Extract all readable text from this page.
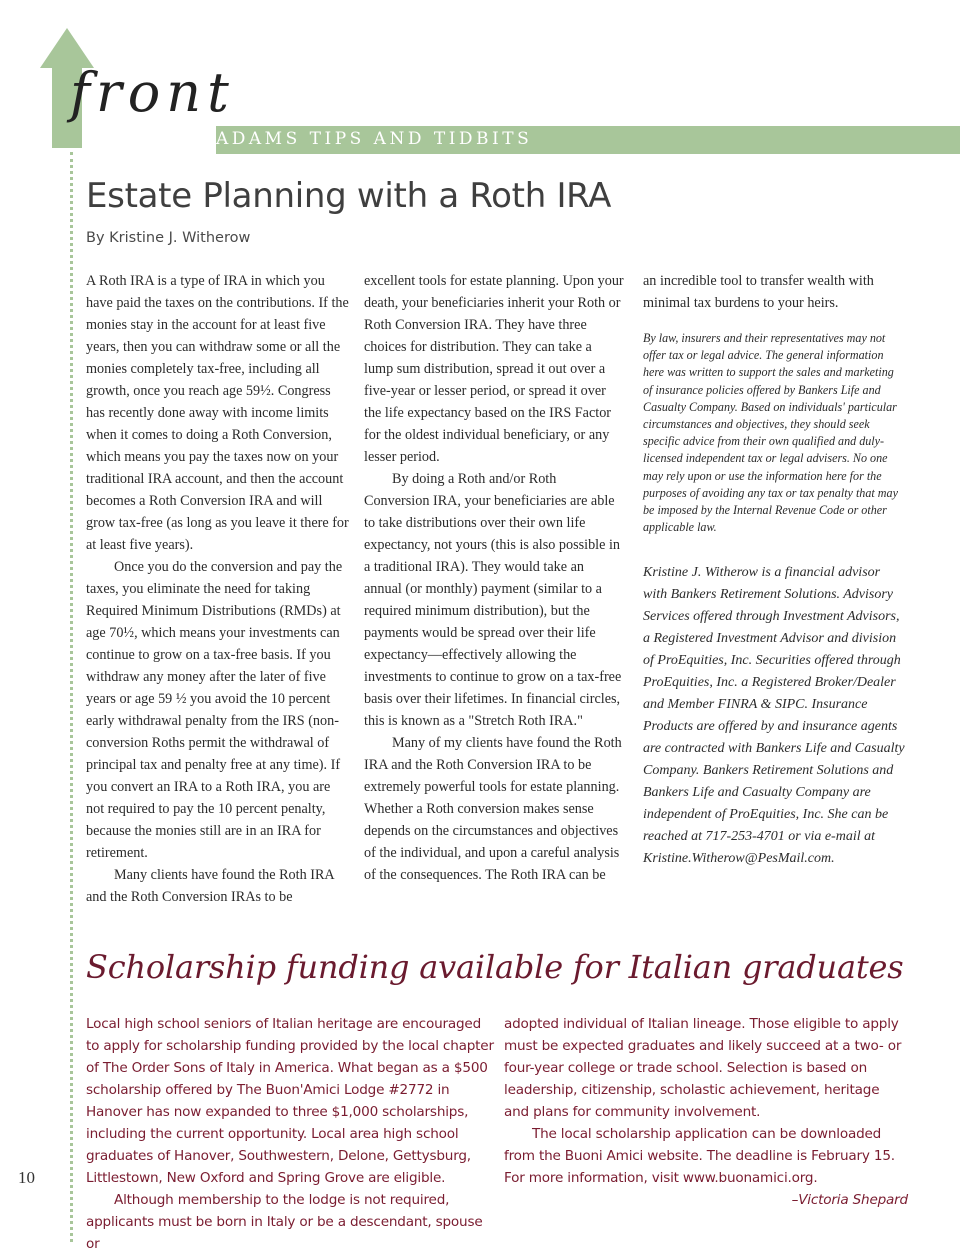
ADAMS TIPS AND TIDBITS
front
10
Estate Planning with a Roth IRA
By Kristine J. Witherow

A Roth IRA is a type of IRA in which you have paid the taxes on the contributions. If the monies stay in the account for at least five years, then you can withdraw some or all the monies completely tax-free, including all growth, once you reach age 59½. Congress has recently done away with income limits when it comes to doing a Roth Conversion, which means you pay the taxes now on your traditional IRA account, and then the account becomes a Roth Conversion IRA and will grow tax-free (as long as you leave it there for at least five years).

Once you do the conversion and pay the taxes, you eliminate the need for taking Required Minimum Distributions (RMDs) at age 70½, which means your investments can continue to grow on a tax-free basis. If you withdraw any money after the later of five years or age 59 ½ you avoid the 10 percent early withdrawal penalty from the IRS (non-conversion Roths permit the withdrawal of principal tax and penalty free at any time). If you convert an IRA to a Roth IRA, you are not required to pay the 10 percent penalty, because the monies still are in an IRA for retirement.

Many clients have found the Roth IRA and the Roth Conversion IRAs to be

excellent tools for estate planning. Upon your death, your beneficiaries inherit your Roth or Roth Conversion IRA. They have three choices for distribution. They can take a lump sum distribution, spread it out over a five-year or lesser period, or spread it over the life expectancy based on the IRS Factor for the oldest individual beneficiary, or any lesser period.

By doing a Roth and/or Roth Conversion IRA, your beneficiaries are able to take distributions over their own life expectancy, not yours (this is also possible in a traditional IRA). They would take an annual (or monthly) payment (similar to a required minimum distribution), but the payments would be spread over their life expectancy—effectively allowing the investments to continue to grow on a tax-free basis over their lifetimes. In financial circles, this is known as a "Stretch Roth IRA."

Many of my clients have found the Roth IRA and the Roth Conversion IRA to be extremely powerful tools for estate planning. Whether a Roth conversion makes sense depends on the circumstances and objectives of the individual, and upon a careful analysis of the consequences. The Roth IRA can be

an incredible tool to transfer wealth with minimal tax burdens to your heirs.

By law, insurers and their representatives may not offer tax or legal advice. The general information here was written to support the sales and marketing of insurance policies offered by Bankers Life and Casualty Company. Based on individuals' particular circumstances and objectives, they should seek specific advice from their own qualified and duly-licensed independent tax or legal advisers. No one may rely upon or use the information here for the purposes of avoiding any tax or tax penalty that may be imposed by the Internal Revenue Code or other applicable law.

Kristine J. Witherow is a financial advisor with Bankers Retirement Solutions. Advisory Services offered through Investment Advisors, a Registered Investment Advisor and division of ProEquities, Inc. Securities offered through ProEquities, Inc. a Registered Broker/Dealer and Member FINRA & SIPC. Insurance Products are offered by and insurance agents are contracted with Bankers Life and Casualty Company. Bankers Retirement Solutions and Bankers Life and Casualty Company are independent of ProEquities, Inc. She can be reached at 717-253-4701 or via e-mail at Kristine.Witherow@PesMail.com.

Scholarship funding available for Italian graduates

Local high school seniors of Italian heritage are encouraged to apply for scholarship funding provided by the local chapter of The Order Sons of Italy in America. What began as a $500 scholarship offered by The Buon'Amici Lodge #2772 in Hanover has now expanded to three $1,000 scholarships, including the current opportunity. Local area high school graduates of Hanover, Southwestern, Delone, Gettysburg, Littlestown, New Oxford and Spring Grove are eligible.

Although membership to the lodge is not required, applicants must be born in Italy or be a descendant, spouse or

adopted individual of Italian lineage. Those eligible to apply must be expected graduates and likely succeed at a two- or four-year college or trade school. Selection is based on leadership, citizenship, scholastic achievement, heritage and plans for community involvement.

The local scholarship application can be downloaded from the Buoni Amici website. The deadline is February 15. For more information, visit www.buonamici.org.

–Victoria Shepard
